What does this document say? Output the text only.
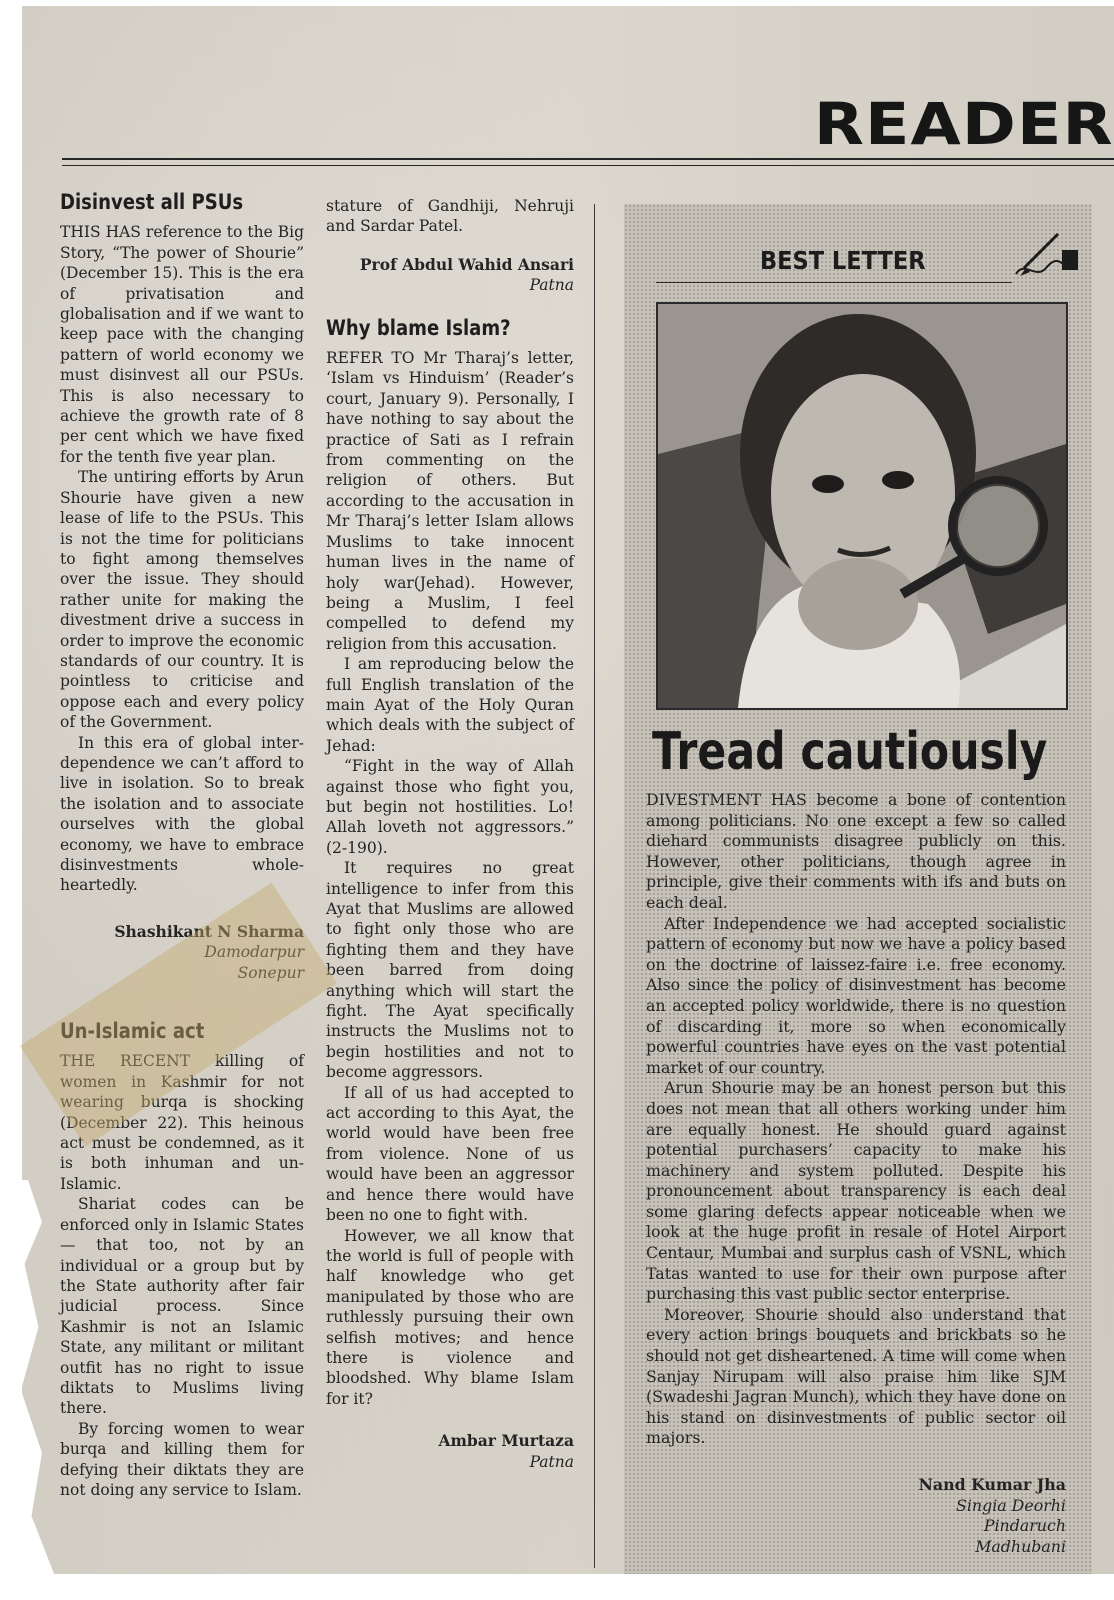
READER
Disinvest all PSUs

THIS HAS reference to the Big Story, “The power of Shourie” (December 15). This is the era of privatisation and globalisation and if we want to keep pace with the changing pattern of world economy we must disinvest all our PSUs. This is also necessary to achieve the growth rate of 8 per cent which we have fixed for the tenth five year plan.

The untiring efforts by Arun Shourie have given a new lease of life to the PSUs. This is not the time for politicians to fight among themselves over the issue. They should rather unite for making the divestment drive a success in order to improve the economic standards of our country. It is pointless to criticise and oppose each and every policy of the Government.

In this era of global inter-dependence we can’t afford to live in isolation. So to break the isolation and to associate ourselves with the global economy, we have to embrace disinvestments whole-heartedly.

Shashikant N Sharma

Damodarpur

Sonepur

Un-Islamic act

THE RECENT killing of women in Kashmir for not wearing burqa is shocking (December 22). This heinous act must be condemned, as it is both inhuman and un-Islamic.

Shariat codes can be enforced only in Islamic States — that too, not by an individual or a group but by the State authority after fair judicial process. Since Kashmir is not an Islamic State, any militant or militant outfit has no right to issue diktats to Muslims living there.

By forcing women to wear burqa and killing them for defying their diktats they are not doing any service to Islam.

stature of Gandhiji, Nehruji and Sardar Patel.

Prof Abdul Wahid Ansari

Patna

Why blame Islam?

REFER TO Mr Tharaj’s letter, ‘Islam vs Hinduism’ (Reader’s court, January 9). Personally, I have nothing to say about the practice of Sati as I refrain from commenting on the religion of others. But according to the accusation in Mr Tharaj’s letter Islam allows Muslims to take innocent human lives in the name of holy war(Jehad). However, being a Muslim, I feel compelled to defend my religion from this accusation.

I am reproducing below the full English translation of the main Ayat of the Holy Quran which deals with the subject of Jehad:

“Fight in the way of Allah against those who fight you, but begin not hostilities. Lo! Allah loveth not aggressors.” (2-190).

It requires no great intelligence to infer from this Ayat that Muslims are allowed to fight only those who are fighting them and they have been barred from doing anything which will start the fight. The Ayat specifically instructs the Muslims not to begin hostilities and not to become aggressors.

If all of us had accepted to act according to this Ayat, the world would have been free from violence. None of us would have been an aggressor and hence there would have been no one to fight with.

However, we all know that the world is full of people with half knowledge who get manipulated by those who are ruthlessly pursuing their own selfish motives; and hence there is violence and bloodshed. Why blame Islam for it?

Ambar Murtaza

Patna

BEST LETTER
Tread cautiously

DIVESTMENT HAS become a bone of contention among politicians. No one except a few so called diehard communists disagree publicly on this. However, other politicians, though agree in principle, give their comments with ifs and buts on each deal.

After Independence we had accepted socialistic pattern of economy but now we have a policy based on the doctrine of laissez-faire i.e. free economy. Also since the policy of disinvestment has become an accepted policy worldwide, there is no question of discarding it, more so when economically powerful countries have eyes on the vast potential market of our country.

Arun Shourie may be an honest person but this does not mean that all others working under him are equally honest. He should guard against potential purchasers’ capacity to make his machinery and system polluted. Despite his pronouncement about transparency is each deal some glaring defects appear noticeable when we look at the huge profit in resale of Hotel Airport Centaur, Mumbai and surplus cash of VSNL, which Tatas wanted to use for their own purpose after purchasing this vast public sector enterprise.

Moreover, Shourie should also understand that every action brings bouquets and brickbats so he should not get disheartened. A time will come when Sanjay Nirupam will also praise him like SJM (Swadeshi Jagran Munch), which they have done on his stand on disinvestments of public sector oil majors.

Nand Kumar Jha

Singia Deorhi

Pindaruch

Madhubani
